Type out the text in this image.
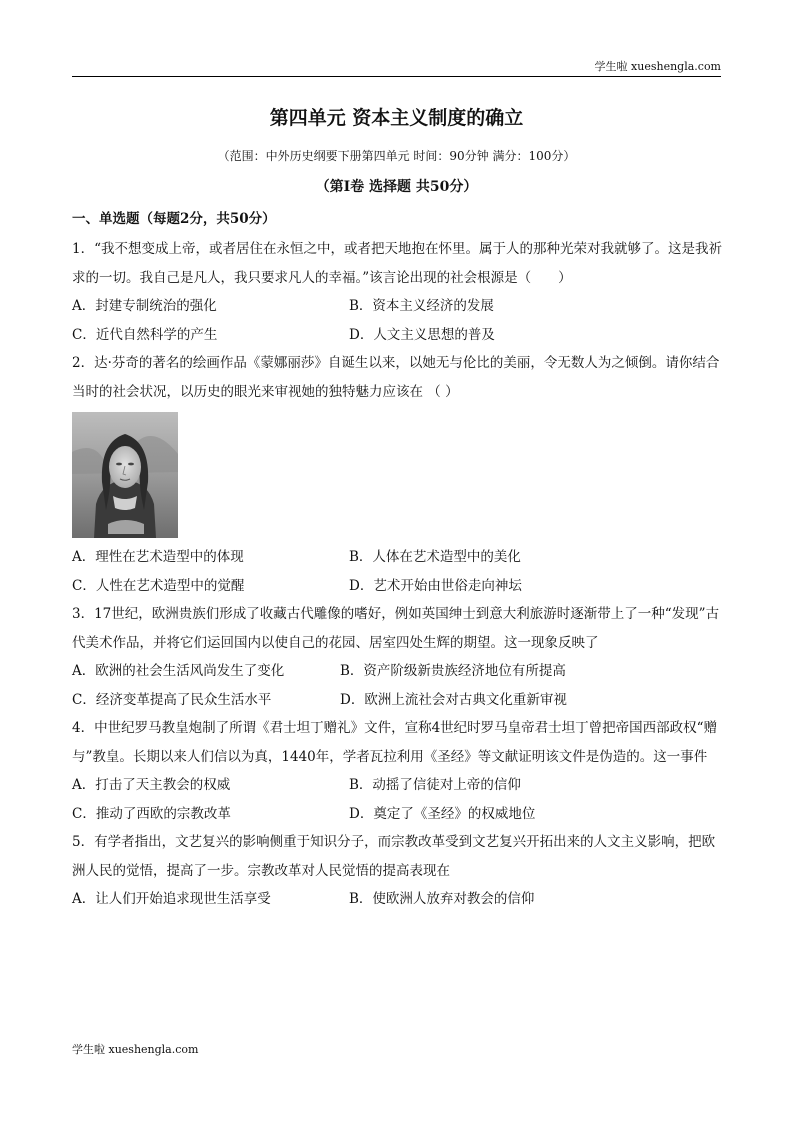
学生啦 xueshengla.com
第四单元 资本主义制度的确立
（范围：中外历史纲要下册第四单元 时间：90分钟 满分：100分）
（第Ⅰ卷 选择题 共50分）
一、单选题（每题2分，共50分）

1．“我不想变成上帝，或者居住在永恒之中，或者把天地抱在怀里。属于人的那种光荣对我就够了。这是我祈求的一切。我自己是凡人，我只要求凡人的幸福。”该言论出现的社会根源是（　　）

A．封建专制统治的强化	B．资本主义经济的发展
C．近代自然科学的产生	D．人文主义思想的普及

2．达·芬奇的著名的绘画作品《蒙娜丽莎》自诞生以来，以她无与伦比的美丽，令无数人为之倾倒。请你结合当时的社会状况，以历史的眼光来审视她的独特魅力应该在 （ ）

A．理性在艺术造型中的体现	B．人体在艺术造型中的美化
C．人性在艺术造型中的觉醒	D．艺术开始由世俗走向神坛

3．17世纪，欧洲贵族们形成了收藏古代雕像的嗜好，例如英国绅士到意大利旅游时逐渐带上了一种“发现”古代美术作品，并将它们运回国内以使自己的花园、居室四处生辉的期望。这一现象反映了

A．欧洲的社会生活风尚发生了变化	B．资产阶级新贵族经济地位有所提高
C．经济变革提高了民众生活水平	D．欧洲上流社会对古典文化重新审视

4．中世纪罗马教皇炮制了所谓《君士坦丁赠礼》文件，宣称4世纪时罗马皇帝君士坦丁曾把帝国西部政权“赠与”教皇。长期以来人们信以为真，1440年，学者瓦拉利用《圣经》等文献证明该文件是伪造的。这一事件

A．打击了天主教会的权威	B．动摇了信徒对上帝的信仰
C．推动了西欧的宗教改革	D．奠定了《圣经》的权威地位

5．有学者指出，文艺复兴的影响侧重于知识分子，而宗教改革受到文艺复兴开拓出来的人文主义影响，把欧洲人民的觉悟，提高了一步。宗教改革对人民觉悟的提高表现在

A．让人们开始追求现世生活享受	B．使欧洲人放弃对教会的信仰
学生啦 xueshengla.com
